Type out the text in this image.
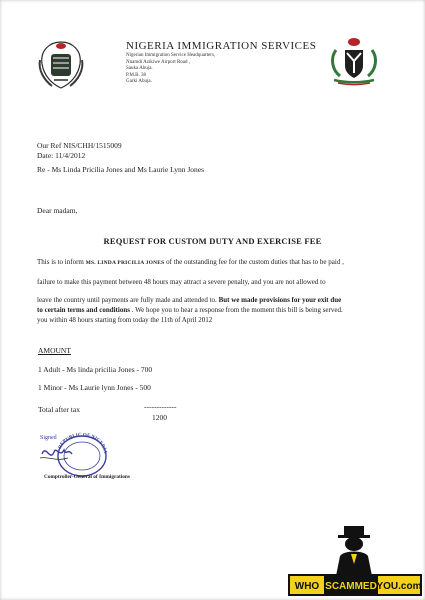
NIGERIA IMMIGRATION SERVICES
Nigerian Immigration Service Headquarters,
Nnamdi Azikiwe Airport Road ,
Sauka Abuja.
P.M.B. 38
Garki Abuja.
Our Ref NIS/CHH/1515009
Date: 11/4/2012
Re - Ms Linda Pricilia Jones and Ms Laurie Lynn Jones
Dear madam,
REQUEST FOR CUSTOM DUTY AND EXERCISE FEE
This is to inform MS. LINDA PRICILIA JONES of the outstanding fee for the custom duties that has to be paid ,
failure to make this payment between 48 hours may attract a severe penalty, and you are not allowed to
leave the country until payments are fully made and attended to. But we made provisions for your exit due
to certain terms and conditions . We hope you to hear a response from the moment this bill is being served.
you within 48 hours starting from today the 11th of April 2012
AMOUNT
1 Adult - Ms linda pricilia Jones - 700
1 Minor - Ms Laurie lynn Jones - 500
Total after tax	-------------
1200
REPUBLIC OF NIGERIA
Signed
Comptroller-General of Immigrations
WHO SCAMMED YOU.com
